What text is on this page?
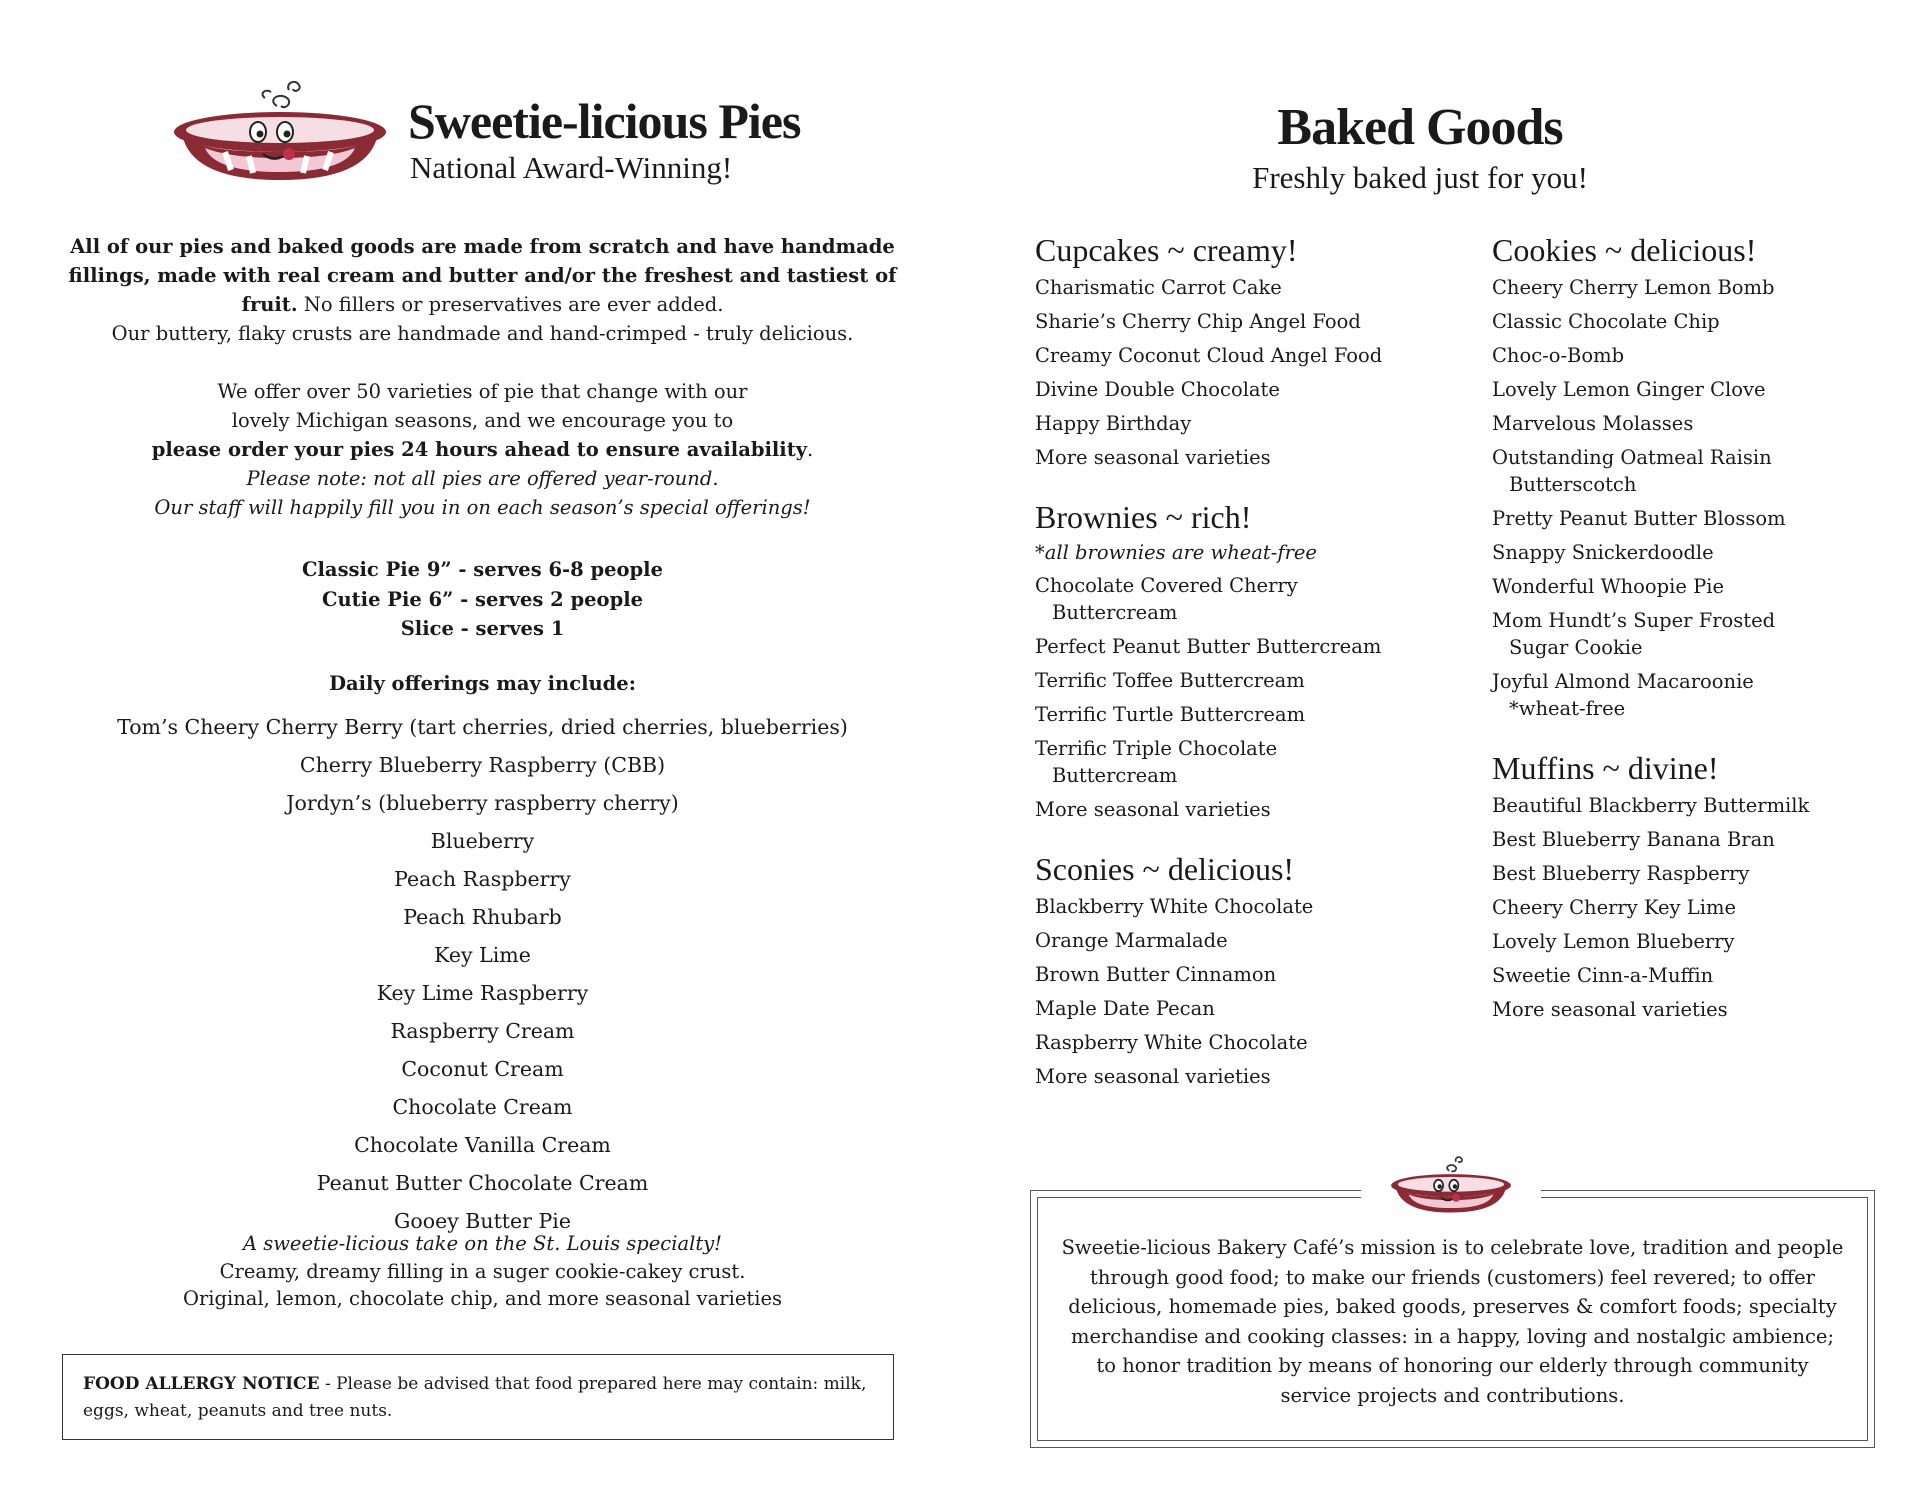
Sweetie-licious Pies
National Award-Winning!

All of our pies and baked goods are made from scratch and have handmade fillings, made with real cream and butter and/or the freshest and tastiest of fruit. No fillers or preservatives are ever added.

Our buttery, flaky crusts are handmade and hand-crimped - truly delicious.

We offer over 50 varieties of pie that change with our

lovely Michigan seasons, and we encourage you to

please order your pies 24 hours ahead to ensure availability.

Please note: not all pies are offered year-round.

Our staff will happily fill you in on each season’s special offerings!

Classic Pie 9” - serves 6-8 people
Cutie Pie 6” - serves 2 people
Slice - serves 1
Daily offerings may include:
Tom’s Cheery Cherry Berry (tart cherries, dried cherries, blueberries)
Cherry Blueberry Raspberry (CBB)
Jordyn’s (blueberry raspberry cherry)
Blueberry
Peach Raspberry
Peach Rhubarb
Key Lime
Key Lime Raspberry
Raspberry Cream
Coconut Cream
Chocolate Cream
Chocolate Vanilla Cream
Peanut Butter Chocolate Cream
Gooey Butter Pie
A sweetie-licious take on the St. Louis specialty!
Creamy, dreamy filling in a suger cookie-cakey crust.
Original, lemon, chocolate chip, and more seasonal varieties
FOOD ALLERGY NOTICE - Please be advised that food prepared here may contain: milk, eggs, wheat, peanuts and tree nuts.
Baked Goods
Freshly baked just for you!
Cupcakes ~ creamy!
Charismatic Carrot Cake
Sharie’s Cherry Chip Angel Food
Creamy Coconut Cloud Angel Food
Divine Double Chocolate
Happy Birthday
More seasonal varieties
Brownies ~ rich!
*all brownies are wheat-free
Chocolate Covered Cherry
Buttercream
Perfect Peanut Butter Buttercream
Terrific Toffee Buttercream
Terrific Turtle Buttercream
Terrific Triple Chocolate
Buttercream
More seasonal varieties
Sconies ~ delicious!
Blackberry White Chocolate
Orange Marmalade
Brown Butter Cinnamon
Maple Date Pecan
Raspberry White Chocolate
More seasonal varieties
Cookies ~ delicious!
Cheery Cherry Lemon Bomb
Classic Chocolate Chip
Choc-o-Bomb
Lovely Lemon Ginger Clove
Marvelous Molasses
Outstanding Oatmeal Raisin
Butterscotch
Pretty Peanut Butter Blossom
Snappy Snickerdoodle
Wonderful Whoopie Pie
Mom Hundt’s Super Frosted
Sugar Cookie
Joyful Almond Macaroonie
*wheat-free
Muffins ~ divine!
Beautiful Blackberry Buttermilk
Best Blueberry Banana Bran
Best Blueberry Raspberry
Cheery Cherry Key Lime
Lovely Lemon Blueberry
Sweetie Cinn-a-Muffin
More seasonal varieties
Sweetie-licious Bakery Café’s mission is to celebrate love, tradition and people through good food; to make our friends (customers) feel revered; to offer delicious, homemade pies, baked goods, preserves & comfort foods; specialty merchandise and cooking classes: in a happy, loving and nostalgic ambience; to honor tradition by means of honoring our elderly through community service projects and contributions.
